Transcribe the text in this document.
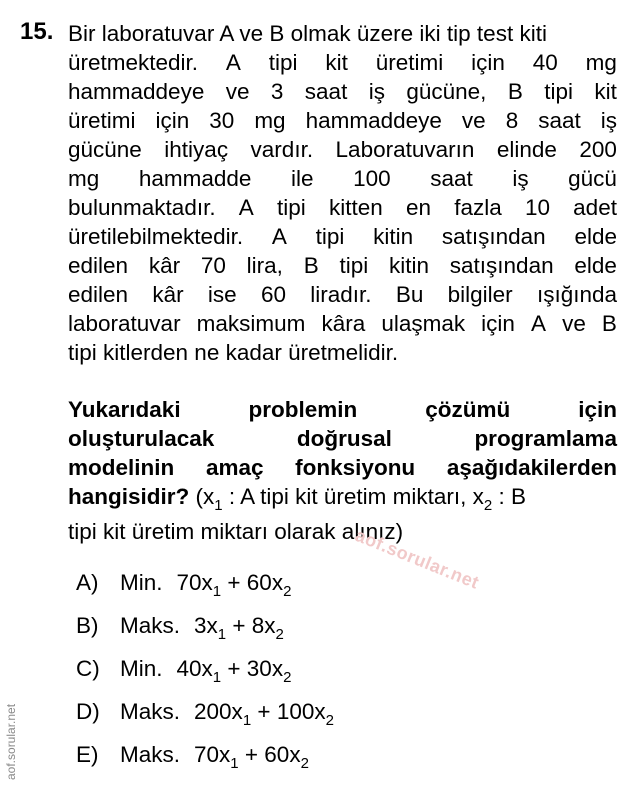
15. Bir laboratuvar A ve B olmak üzere iki tip test kiti
üretmektedir. A tipi kit üretimi için 40 mg
hammaddeye ve 3 saat iş gücüne, B tipi kit
üretimi için 30 mg hammaddeye ve 8 saat iş
gücüne ihtiyaç vardır. Laboratuvarın elinde 200
mg hammadde ile 100 saat iş gücü
bulunmaktadır. A tipi kitten en fazla 10 adet
üretilebilmektedir. A tipi kitin satışından elde
edilen kâr 70 lira, B tipi kitin satışından elde
edilen kâr ise 60 liradır. Bu bilgiler ışığında
laboratuvar maksimum kâra ulaşmak için A ve B
tipi kitlerden ne kadar üretmelidir.
Yukarıdaki	problemin	çözümü	için
oluşturulacak	doğrusal	programlama
modelinin amaç fonksiyonu aşağıdakilerden
hangisidir? ($x_1$ : A tipi kit üretim miktarı, $x_2$ : B
tipi kit üretim miktarı olarak alınız)
A) Min. $70x_1 + 60x_2$
B) Maks. $3x_1 + 8x_2$
C) Min. $40x_1 + 30x_2$
D) Maks. $200x_1 + 100x_2$
E) Maks. $70x_1 + 60x_2$
aof.sorular.net
aof.sorular.net
